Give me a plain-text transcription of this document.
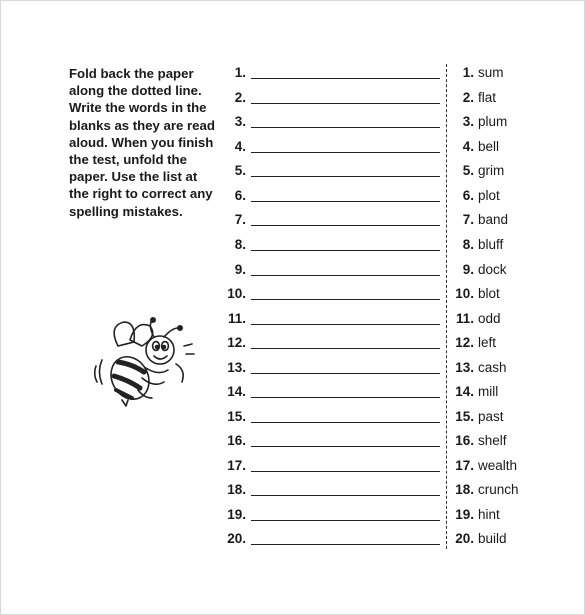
Fold back the paper along the dotted line. Write the words in the blanks as they are read aloud. When you finish the test, unfold the paper. Use the list at the right to correct any spelling mistakes.
1.
2.
3.
4.
5.
6.
7.
8.
9.
10.
11.
12.
13.
14.
15.
16.
17.
18.
19.
20.
1. sum
2. flat
3. plum
4. bell
5. grim
6. plot
7. band
8. bluff
9. dock
10. blot
11. odd
12. left
13. cash
14. mill
15. past
16. shelf
17. wealth
18. crunch
19. hint
20. build
